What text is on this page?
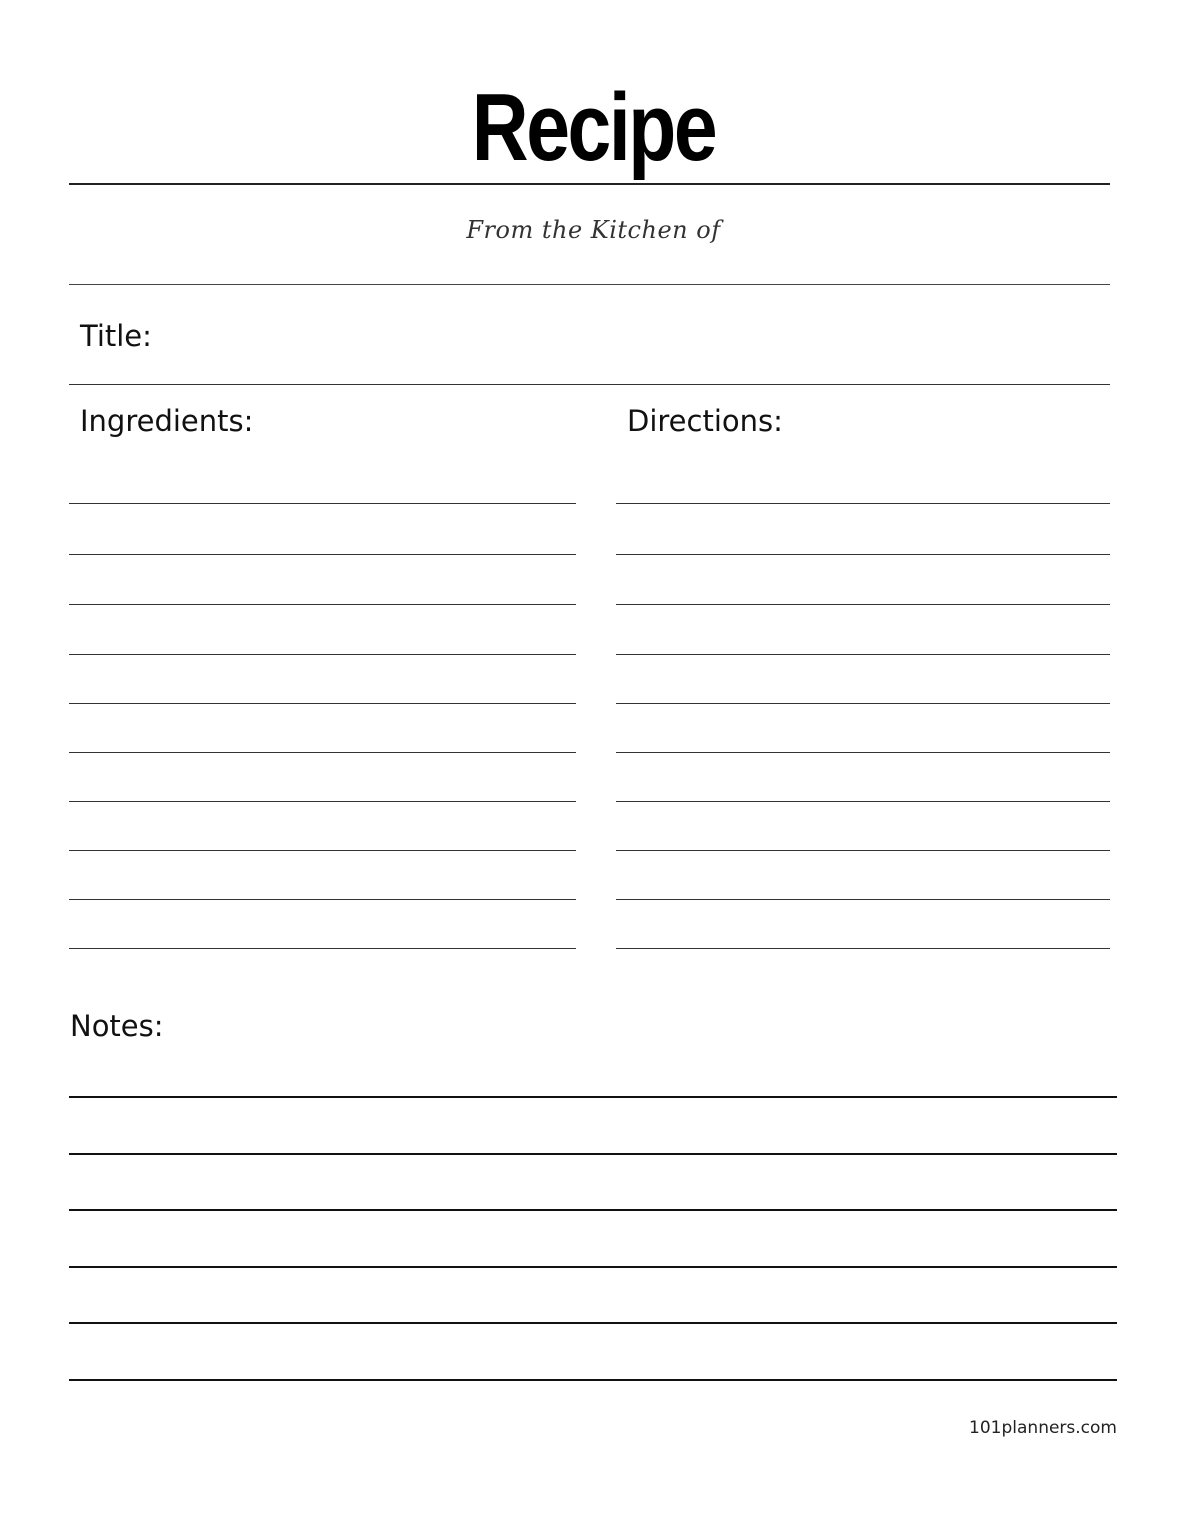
Recipe
From the Kitchen of
Title:
Ingredients:	Directions:
Notes:
101planners.com
